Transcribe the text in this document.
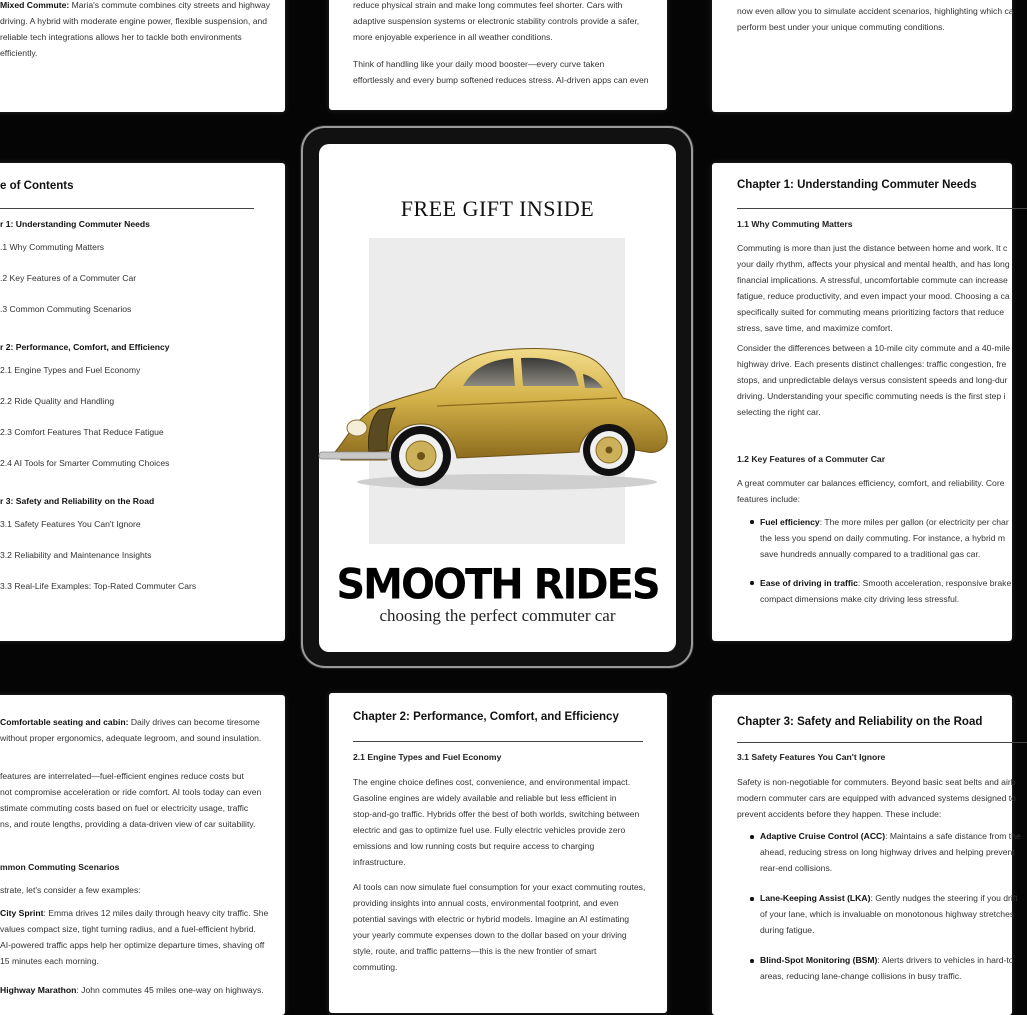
Mixed Commute: Maria's commute combines city streets and highway

driving. A hybrid with moderate engine power, flexible suspension, and

reliable tech integrations allows her to tackle both environments

efficiently.

reduce physical strain and make long commutes feel shorter. Cars with

adaptive suspension systems or electronic stability controls provide a safer,

more enjoyable experience in all weather conditions.

Think of handling like your daily mood booster—every curve taken

effortlessly and every bump softened reduces stress. AI-driven apps can even

now even allow you to simulate accident scenarios, highlighting which ca

perform best under your unique commuting conditions.

e of Contents

r 1: Understanding Commuter Needs

.1 Why Commuting Matters

.2 Key Features of a Commuter Car

.3 Common Commuting Scenarios

r 2: Performance, Comfort, and Efficiency

2.1 Engine Types and Fuel Economy

2.2 Ride Quality and Handling

2.3 Comfort Features That Reduce Fatigue

2.4 AI Tools for Smarter Commuting Choices

r 3: Safety and Reliability on the Road

3.1 Safety Features You Can't Ignore

3.2 Reliability and Maintenance Insights

3.3 Real-Life Examples: Top-Rated Commuter Cars

Chapter 1: Understanding Commuter Needs

1.1 Why Commuting Matters

Commuting is more than just the distance between home and work. It c

your daily rhythm, affects your physical and mental health, and has long

financial implications. A stressful, uncomfortable commute can increase

fatigue, reduce productivity, and even impact your mood. Choosing a ca

specifically suited for commuting means prioritizing factors that reduce

stress, save time, and maximize comfort.

Consider the differences between a 10-mile city commute and a 40-mile

highway drive. Each presents distinct challenges: traffic congestion, fre

stops, and unpredictable delays versus consistent speeds and long-dur

driving. Understanding your specific commuting needs is the first step i

selecting the right car.

1.2 Key Features of a Commuter Car

A great commuter car balances efficiency, comfort, and reliability. Core

features include:

Fuel efficiency: The more miles per gallon (or electricity per char

the less you spend on daily commuting. For instance, a hybrid m

save hundreds annually compared to a traditional gas car.

Ease of driving in traffic: Smooth acceleration, responsive brake

compact dimensions make city driving less stressful.

Comfortable seating and cabin: Daily drives can become tiresome

without proper ergonomics, adequate legroom, and sound insulation.

features are interrelated—fuel-efficient engines reduce costs but

not compromise acceleration or ride comfort. AI tools today can even

stimate commuting costs based on fuel or electricity usage, traffic

ns, and route lengths, providing a data-driven view of car suitability.

mmon Commuting Scenarios

strate, let's consider a few examples:

City Sprint: Emma drives 12 miles daily through heavy city traffic. She

values compact size, tight turning radius, and a fuel-efficient hybrid.

AI-powered traffic apps help her optimize departure times, shaving off

15 minutes each morning.

Highway Marathon: John commutes 45 miles one-way on highways.

Chapter 2: Performance, Comfort, and Efficiency

2.1 Engine Types and Fuel Economy

The engine choice defines cost, convenience, and environmental impact.

Gasoline engines are widely available and reliable but less efficient in

stop-and-go traffic. Hybrids offer the best of both worlds, switching between

electric and gas to optimize fuel use. Fully electric vehicles provide zero

emissions and low running costs but require access to charging

infrastructure.

AI tools can now simulate fuel consumption for your exact commuting routes,

providing insights into annual costs, environmental footprint, and even

potential savings with electric or hybrid models. Imagine an AI estimating

your yearly commute expenses down to the dollar based on your driving

style, route, and traffic patterns—this is the new frontier of smart

commuting.

Chapter 3: Safety and Reliability on the Road

3.1 Safety Features You Can't Ignore

Safety is non-negotiable for commuters. Beyond basic seat belts and airb

modern commuter cars are equipped with advanced systems designed to

prevent accidents before they happen. These include:

Adaptive Cruise Control (ACC): Maintains a safe distance from the

ahead, reducing stress on long highway drives and helping prevent

rear-end collisions.

Lane-Keeping Assist (LKA): Gently nudges the steering if you drift

of your lane, which is invaluable on monotonous highway stretches

during fatigue.

Blind-Spot Monitoring (BSM): Alerts drivers to vehicles in hard-to

areas, reducing lane-change collisions in busy traffic.

FREE GIFT INSIDE

SMOOTH RIDES

choosing the perfect commuter car
